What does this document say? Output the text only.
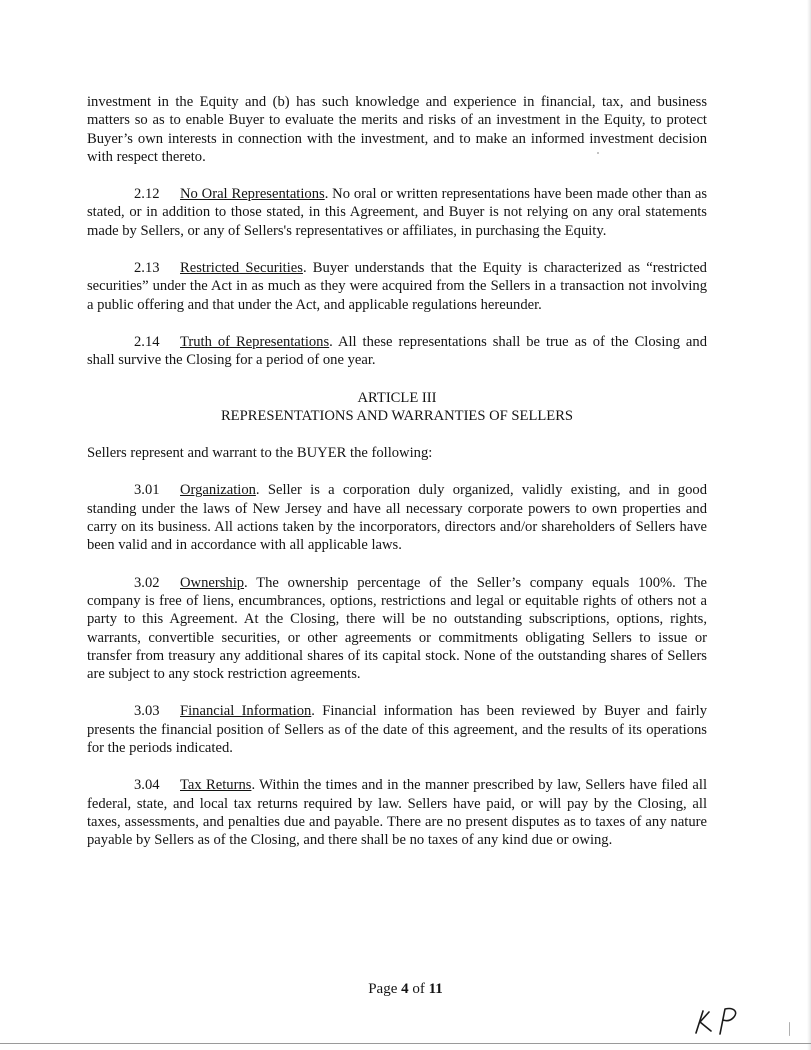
investment in the Equity and (b) has such knowledge and experience in financial, tax, and business matters so as to enable Buyer to evaluate the merits and risks of an investment in the Equity, to protect Buyer’s own interests in connection with the investment, and to make an informed investment decision with respect thereto.

2.12 No Oral Representations. No oral or written representations have been made other than as stated, or in addition to those stated, in this Agreement, and Buyer is not relying on any oral statements made by Sellers, or any of Sellers's representatives or affiliates, in purchasing the Equity.

2.13 Restricted Securities. Buyer understands that the Equity is characterized as “restricted securities” under the Act in as much as they were acquired from the Sellers in a transaction not involving a public offering and that under the Act, and applicable regulations hereunder.

2.14 Truth of Representations. All these representations shall be true as of the Closing and shall survive the Closing for a period of one year.

ARTICLE III
REPRESENTATIONS AND WARRANTIES OF SELLERS

Sellers represent and warrant to the BUYER the following:

3.01 Organization. Seller is a corporation duly organized, validly existing, and in good standing under the laws of New Jersey and have all necessary corporate powers to own properties and carry on its business. All actions taken by the incorporators, directors and/or shareholders of Sellers have been valid and in accordance with all applicable laws.

3.02 Ownership. The ownership percentage of the Seller’s company equals 100%. The company is free of liens, encumbrances, options, restrictions and legal or equitable rights of others not a party to this Agreement. At the Closing, there will be no outstanding subscriptions, options, rights, warrants, convertible securities, or other agreements or commitments obligating Sellers to issue or transfer from treasury any additional shares of its capital stock. None of the outstanding shares of Sellers are subject to any stock restriction agreements.

3.03 Financial Information. Financial information has been reviewed by Buyer and fairly presents the financial position of Sellers as of the date of this agreement, and the results of its operations for the periods indicated.

3.04 Tax Returns. Within the times and in the manner prescribed by law, Sellers have filed all federal, state, and local tax returns required by law. Sellers have paid, or will pay by the Closing, all taxes, assessments, and penalties due and payable. There are no present disputes as to taxes of any nature payable by Sellers as of the Closing, and there shall be no taxes of any kind due or owing.

Page 4 of 11
